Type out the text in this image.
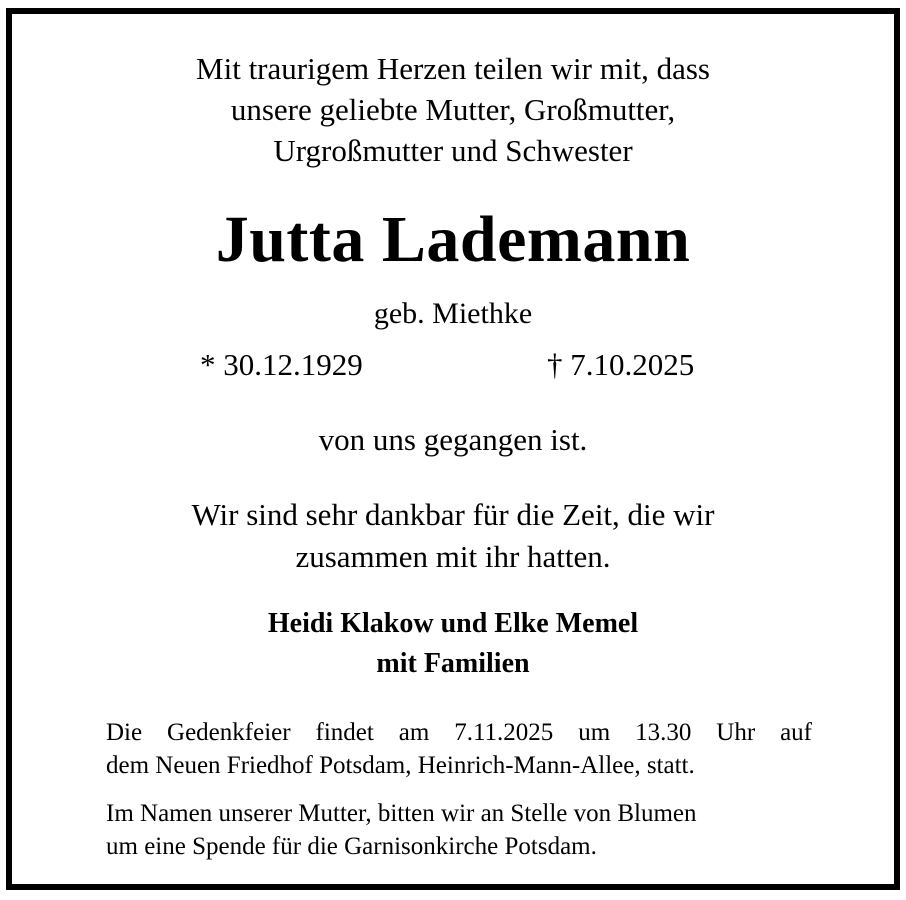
Mit traurigem Herzen teilen wir mit, dass
unsere geliebte Mutter, Großmutter,
Urgroßmutter und Schwester
Jutta Lademann
geb. Miethke
* 30.12.1929	† 7.10.2025
von uns gegangen ist.
Wir sind sehr dankbar für die Zeit, die wir
zusammen mit ihr hatten.
Heidi Klakow und Elke Memel
mit Familien
Die Gedenkfeier findet am 7.11.2025 um 13.30 Uhr auf
dem Neuen Friedhof Potsdam, Heinrich-Mann-Allee, statt.
Im Namen unserer Mutter, bitten wir an Stelle von Blumen
um eine Spende für die Garnisonkirche Potsdam.
